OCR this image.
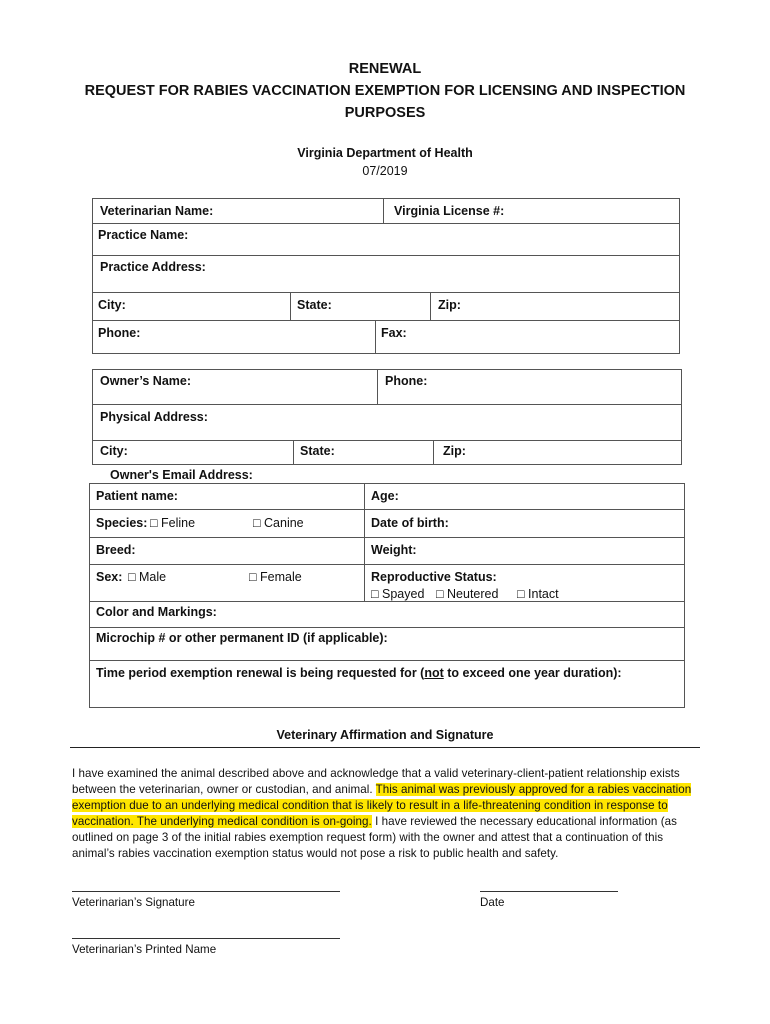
RENEWAL
REQUEST FOR RABIES VACCINATION EXEMPTION FOR LICENSING AND INSPECTION
PURPOSES
Virginia Department of Health
07/2019
Veterinarian Name:	Virginia License #:
Practice Name:
Practice Address:
City:	State:	Zip:
Phone:	Fax:
Owner’s Name:	Phone:
Physical Address:
City:	State:	Zip:
Owner's Email Address:
Patient name:	Age:
Species: □ Feline	□ Canine	Date of birth:
Breed:	Weight:
Sex: □ Male	□ Female	Reproductive Status:
□ Spayed □ Neutered □ Intact
Color and Markings:
Microchip # or other permanent ID (if applicable):
Time period exemption renewal is being requested for (not to exceed one year duration):
Veterinary Affirmation and Signature
I have examined the animal described above and acknowledge that a valid veterinary-client-patient relationship exists between the veterinarian, owner or custodian, and animal. This animal was previously approved for a rabies vaccination exemption due to an underlying medical condition that is likely to result in a life-threatening condition in response to vaccination. The underlying medical condition is on-going. I have reviewed the necessary educational information (as outlined on page 3 of the initial rabies exemption request form) with the owner and attest that a continuation of this animal’s rabies vaccination exemption status would not pose a risk to public health and safety.
Veterinarian’s Signature	Date
Veterinarian’s Printed Name
